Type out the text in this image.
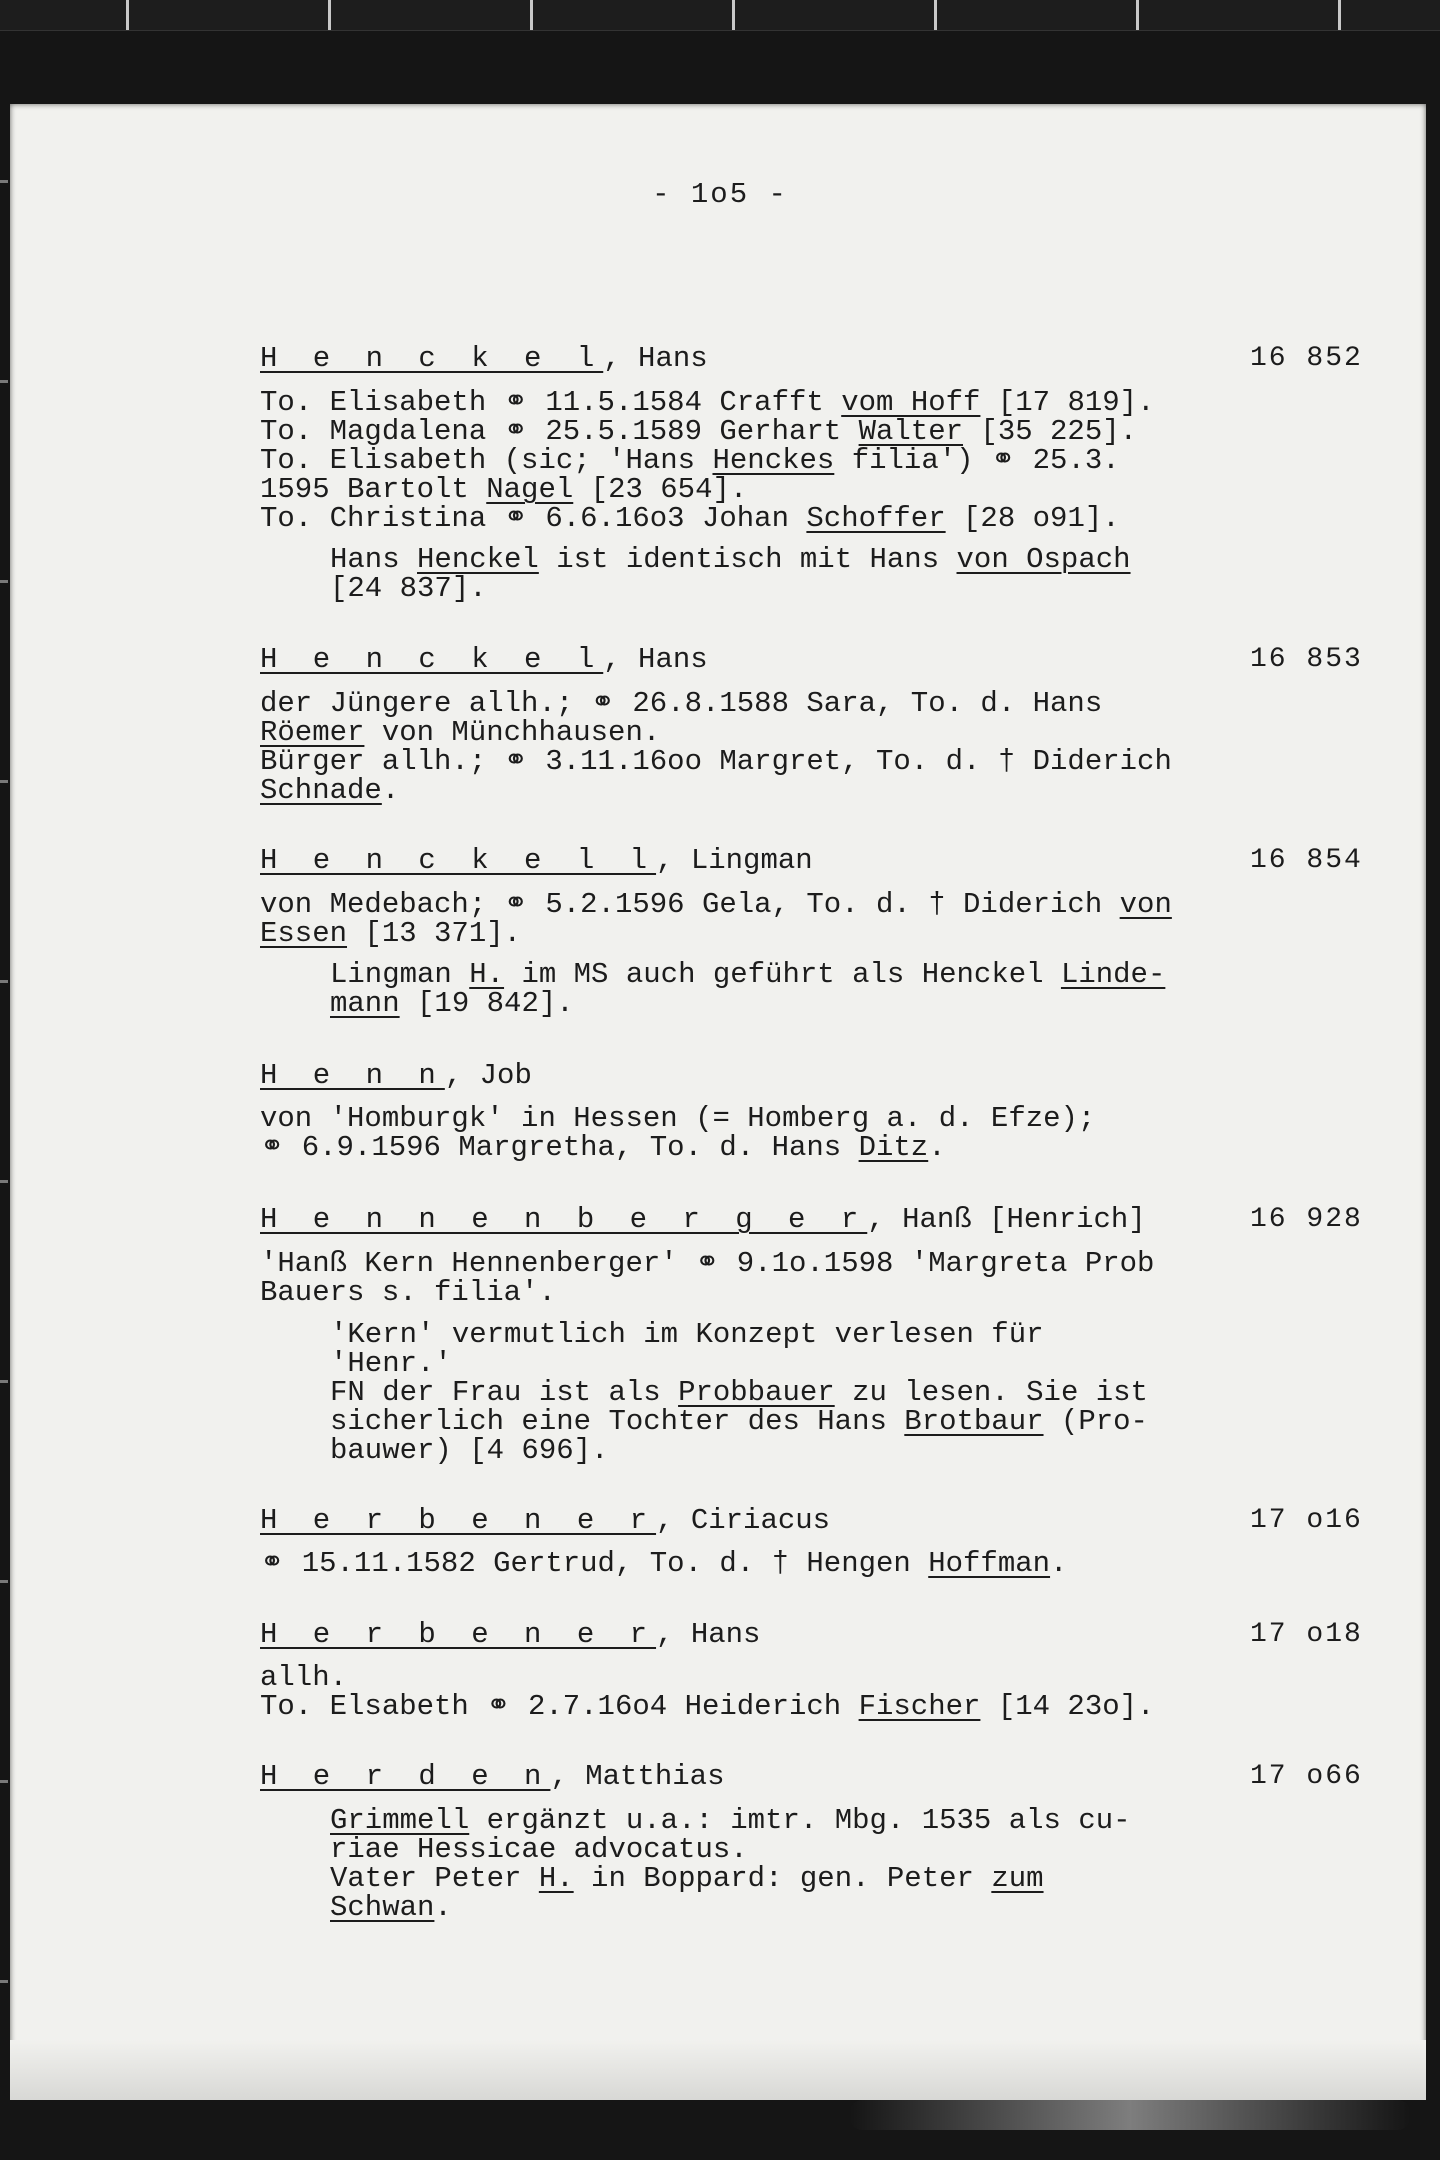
- 1o5 -
H e n c k e l, Hans	16 852
To. Elisabeth ⚭ 11.5.1584 Crafft vom Hoff [17 819].
To. Magdalena ⚭ 25.5.1589 Gerhart Walter [35 225].
To. Elisabeth (sic; 'Hans Henckes filia') ⚭ 25.3.
1595 Bartolt Nagel [23 654].
To. Christina ⚭ 6.6.16o3 Johan Schoffer [28 o91].
Hans Henckel ist identisch mit Hans von Ospach
[24 837].
H e n c k e l, Hans	16 853
der Jüngere allh.; ⚭ 26.8.1588 Sara, To. d. Hans
Röemer von Münchhausen.
Bürger allh.; ⚭ 3.11.16oo Margret, To. d. † Diderich
Schnade.
H e n c k e l l, Lingman	16 854
von Medebach; ⚭ 5.2.1596 Gela, To. d. † Diderich von
Essen [13 371].
Lingman H. im MS auch geführt als Henckel Linde-
mann [19 842].
H e n n, Job
von 'Homburgk' in Hessen (= Homberg a. d. Efze);
⚭ 6.9.1596 Margretha, To. d. Hans Ditz.
H e n n e n b e r g e r, Hanß [Henrich]	16 928
'Hanß Kern Hennenberger' ⚭ 9.1o.1598 'Margreta Prob
Bauers s. filia'.
'Kern' vermutlich im Konzept verlesen für
'Henr.'
FN der Frau ist als Probbauer zu lesen. Sie ist
sicherlich eine Tochter des Hans Brotbaur (Pro-
bauwer) [4 696].
H e r b e n e r, Ciriacus	17 o16
⚭ 15.11.1582 Gertrud, To. d. † Hengen Hoffman.
H e r b e n e r, Hans	17 o18
allh.
To. Elsabeth ⚭ 2.7.16o4 Heiderich Fischer [14 23o].
H e r d e n, Matthias	17 o66
Grimmell ergänzt u.a.: imtr. Mbg. 1535 als cu-
riae Hessicae advocatus.
Vater Peter H. in Boppard: gen. Peter zum
Schwan.
